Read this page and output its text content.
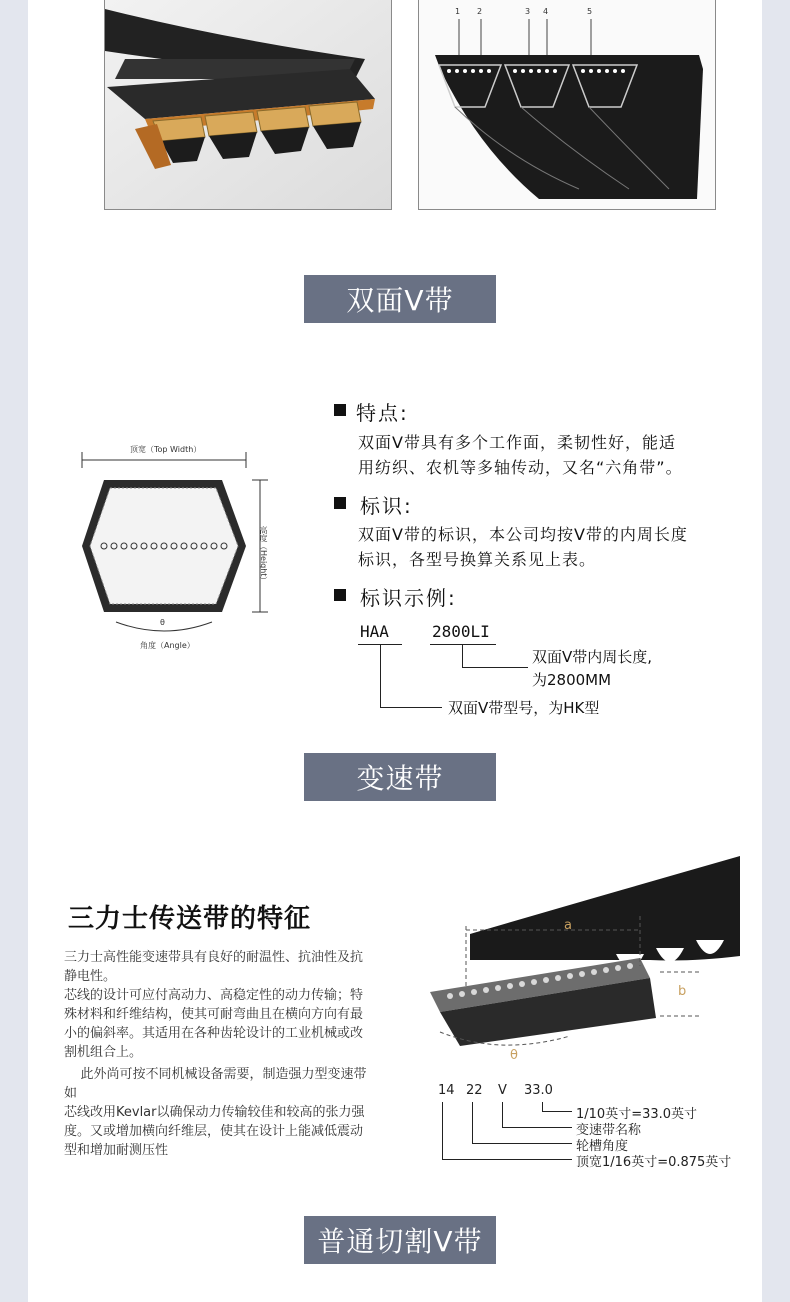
1 2	3 4	5
双面V带
顶宽（Top Width）
高度（Height）
θ
角度（Angle）
特点:
双面V带具有多个工作面，柔韧性好，能适
用纺织、农机等多轴传动，又名“六角带”。
标识:
双面V带的标识，本公司均按V带的内周长度
标识，各型号换算关系见上表。
标识示例:
HAA	2800LI
双面V带内周长度,
为2800MM
双面V带型号，为HK型
变速带
三力士传送带的特征
三力士高性能变速带具有良好的耐温性、抗油性及抗
静电性。
芯线的设计可应付高动力、高稳定性的动力传输；特
殊材料和纤维结构，使其可耐弯曲且在横向方向有最
小的偏斜率。其适用在各种齿轮设计的工业机械或改
割机组合上。
此外尚可按不同机械设备需要，制造强力型变速带
如
芯线改用Kevlar以确保动力传输较佳和较高的张力强
度。又或增加横向纤维层，使其在设计上能减低震动
型和增加耐测压性
a
b
θ
14 22 V 33.0
1/10英寸=33.0英寸
变速带名称
轮槽角度
顶宽1/16英寸=0.875英寸
普通切割V带
